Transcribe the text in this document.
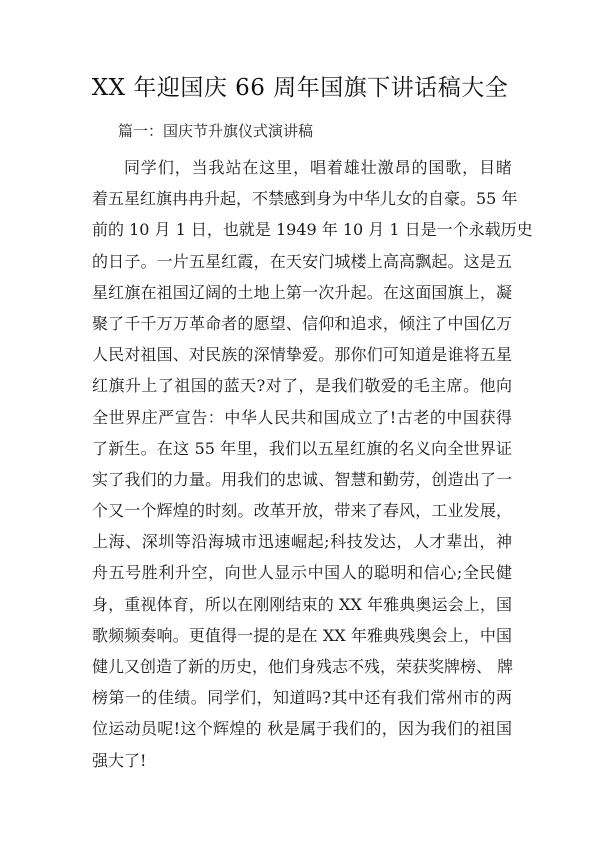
XX 年迎国庆 66 周年国旗下讲话稿大全
篇一：国庆节升旗仪式演讲稿
同学们，当我站在这里，唱着雄壮激昂的国歌，目睹
着五星红旗冉冉升起，不禁感到身为中华儿女的自豪。55 年
前的 10 月 1 日，也就是 1949 年 10 月 1 日是一个永载历史
的日子。一片五星红霞，在天安门城楼上高高飘起。这是五
星红旗在祖国辽阔的土地上第一次升起。在这面国旗上，凝
聚了千千万万革命者的愿望、信仰和追求，倾注了中国亿万
人民对祖国、对民族的深情挚爱。那你们可知道是谁将五星
红旗升上了祖国的蓝天?对了，是我们敬爱的毛主席。他向
全世界庄严宣告：中华人民共和国成立了!古老的中国获得
了新生。在这 55 年里，我们以五星红旗的名义向全世界证
实了我们的力量。用我们的忠诚、智慧和勤劳，创造出了一
个又一个辉煌的时刻。改革开放，带来了春风，工业发展，
上海、深圳等沿海城市迅速崛起;科技发达，人才辈出，神
舟五号胜利升空，向世人显示中国人的聪明和信心;全民健
身，重视体育，所以在刚刚结束的 XX 年雅典奥运会上，国
歌频频奏响。更值得一提的是在 XX 年雅典残奥会上，中国
健儿又创造了新的历史，他们身残志不残，荣获奖牌榜、 牌
榜第一的佳绩。同学们，知道吗?其中还有我们常州市的两
位运动员呢!这个辉煌的 秋是属于我们的，因为我们的祖国
强大了!
